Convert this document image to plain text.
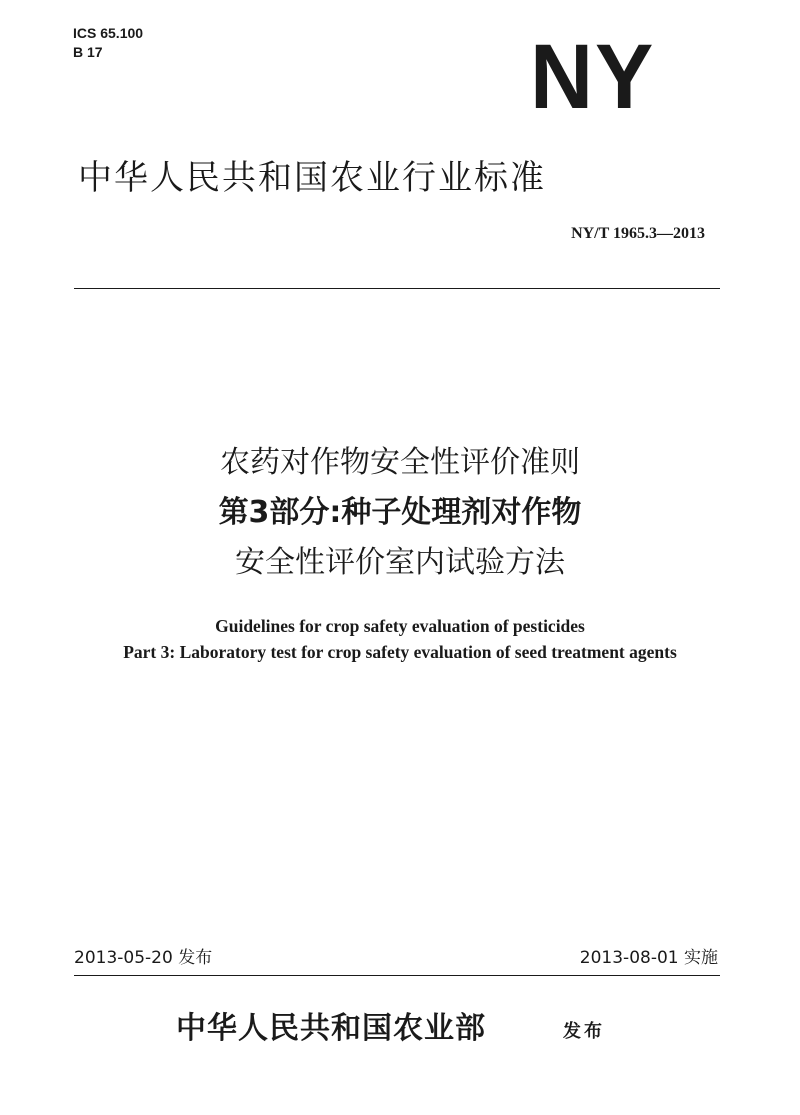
ICS 65.100
B 17	NY
中华人民共和国农业行业标准
NY/T 1965.3—2013
农药对作物安全性评价准则
第3部分:种子处理剂对作物
安全性评价室内试验方法
Guidelines for crop safety evaluation of pesticides
Part 3: Laboratory test for crop safety evaluation of seed treatment agents
2013-05-20 发布	2013-08-01 实施
中华人民共和国农业部	发布
